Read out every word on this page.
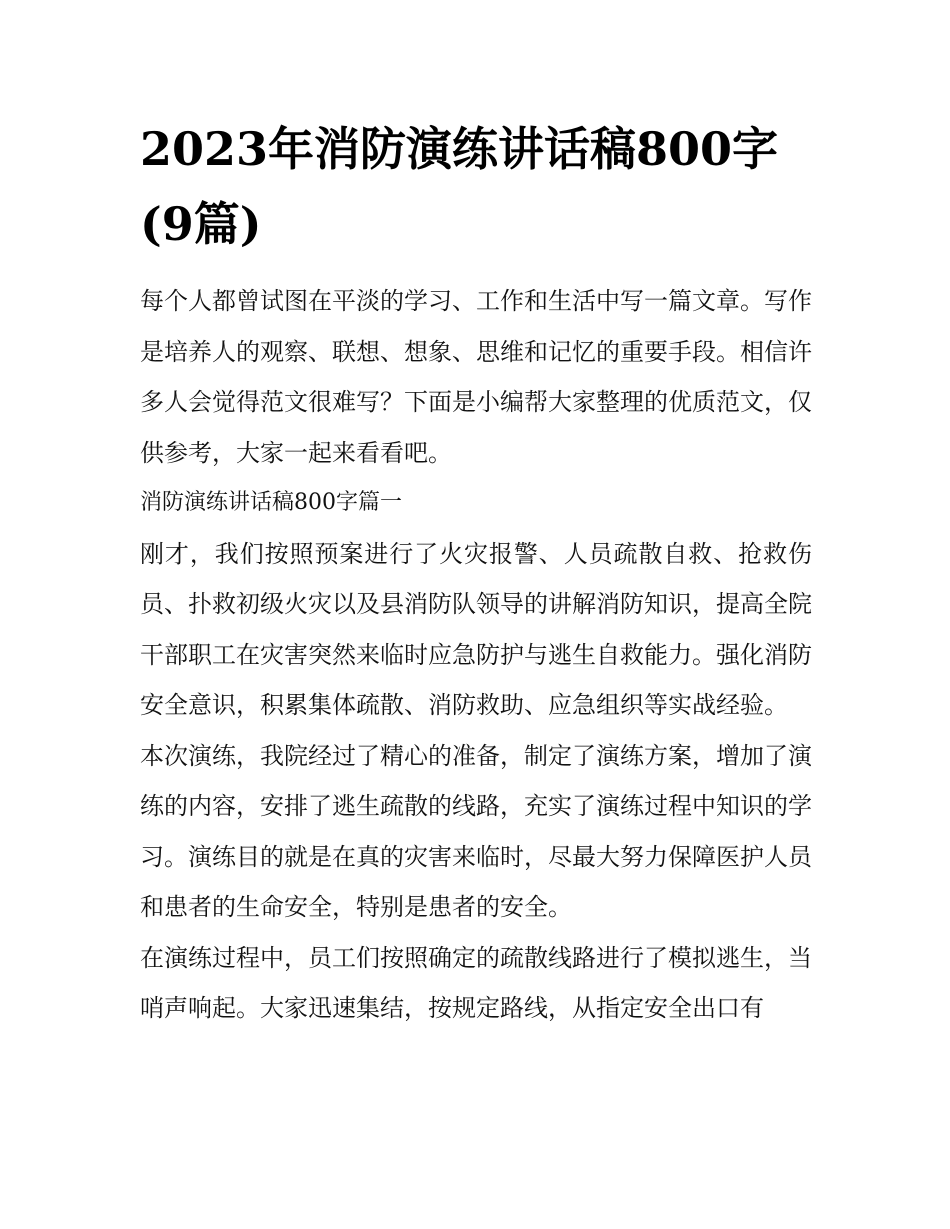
2023年消防演练讲话稿800字(9篇)

每个人都曾试图在平淡的学习、工作和生活中写一篇文章。写作是培养人的观察、联想、想象、思维和记忆的重要手段。相信许多人会觉得范文很难写？下面是小编帮大家整理的优质范文，仅供参考，大家一起来看看吧。

消防演练讲话稿800字篇一

刚才，我们按照预案进行了火灾报警、人员疏散自救、抢救伤员、扑救初级火灾以及县消防队领导的讲解消防知识，提高全院干部职工在灾害突然来临时应急防护与逃生自救能力。强化消防安全意识，积累集体疏散、消防救助、应急组织等实战经验。

本次演练，我院经过了精心的准备，制定了演练方案，增加了演练的内容，安排了逃生疏散的线路，充实了演练过程中知识的学习。演练目的就是在真的灾害来临时，尽最大努力保障医护人员和患者的生命安全，特别是患者的安全。

在演练过程中，员工们按照确定的疏散线路进行了模拟逃生，当哨声响起。大家迅速集结，按规定路线，从指定安全出口有
